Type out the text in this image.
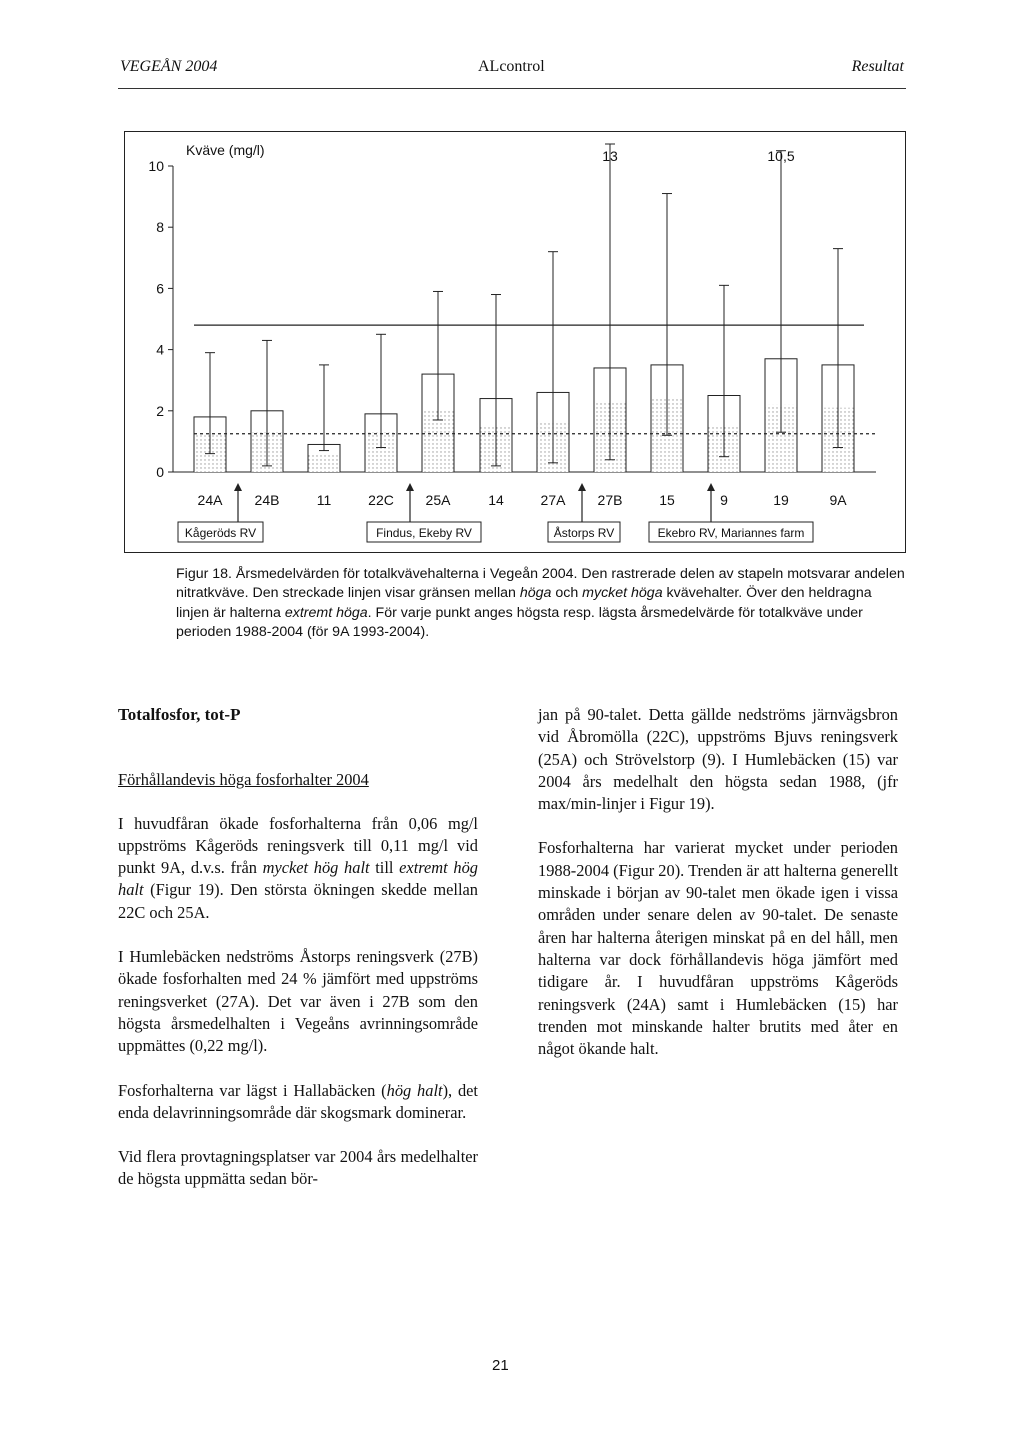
VEGEÅN 2004	ALcontrol	Resultat
Kväve (mg/l)
0
2
4
6
8
10
13	10,5
24A 24B	11	22C 25A	14	27A 27B	15	9	19	9A
Kågeröds RV	Findus, Ekeby RV	Åstorps RV	Ekebro RV, Mariannes farm

Figur 18. Årsmedelvärden för totalkvävehalterna i Vegeån 2004. Den rastrerade delen av stapeln motsvarar andelen nitratkväve. Den streckade linjen visar gränsen mellan höga och mycket höga kvävehalter. Över den heldragna linjen är halterna extremt höga. För varje punkt anges högsta resp. lägsta årsmedelvärde för totalkväve under perioden 1988-2004 (för 9A 1993-2004).

Totalfosfor, tot-P
Förhållandevis höga fosforhalter 2004

I huvudfåran ökade fosforhalterna från 0,06 mg/l uppströms Kågeröds reningsverk till 0,11 mg/l vid punkt 9A, d.v.s. från mycket hög halt till extremt hög halt (Figur 19). Den största ökningen skedde mellan 22C och 25A.

I Humlebäcken nedströms Åstorps reningsverk (27B) ökade fosforhalten med 24 % jämfört med uppströms reningsverket (27A). Det var även i 27B som den högsta årsmedelhalten i Vegeåns avrinningsområde uppmättes (0,22 mg/l).

Fosforhalterna var lägst i Hallabäcken (hög halt), det enda delavrinningsområde där skogsmark dominerar.

Vid flera provtagningsplatser var 2004 års medelhalter de högsta uppmätta sedan bör-

jan på 90-talet. Detta gällde nedströms järnvägsbron vid Åbromölla (22C), uppströms Bjuvs reningsverk (25A) och Strövelstorp (9). I Humlebäcken (15) var 2004 års medelhalt den högsta sedan 1988, (jfr max/min-linjer i Figur 19).

Fosforhalterna har varierat mycket under perioden 1988-2004 (Figur 20). Trenden är att halterna generellt minskade i början av 90-talet men ökade igen i vissa områden under senare delen av 90-talet. De senaste åren har halterna återigen minskat på en del håll, men halterna var dock förhållandevis höga jämfört med tidigare år. I huvudfåran uppströms Kågeröds reningsverk (24A) samt i Humlebäcken (15) har trenden mot minskande halter brutits med åter en något ökande halt.

21
